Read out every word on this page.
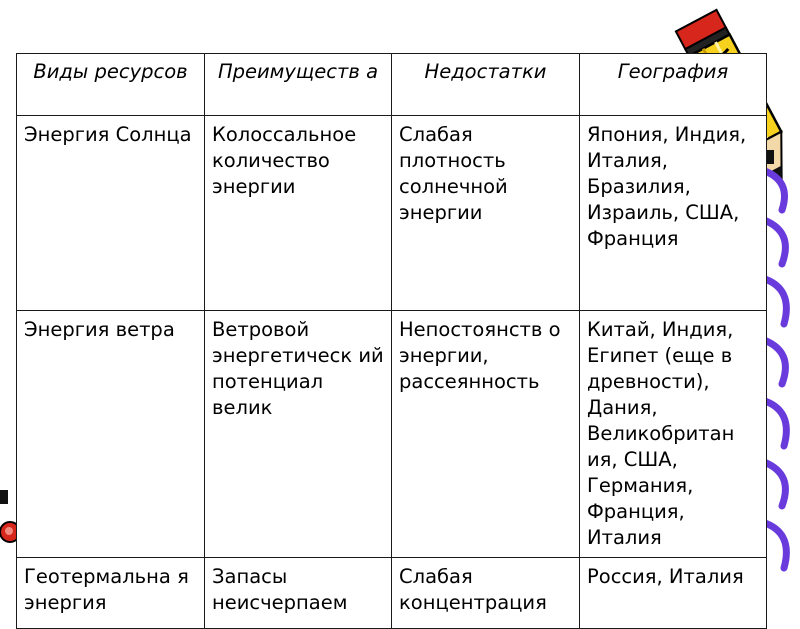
Виды ресурсов	Преимуществ а	Недостатки	География
Энергия Солнца	Колоссальное количество энергии	Слабая плотность солнечной энергии	Япония, Индия, Италия, Бразилия, Израиль, США, Франция
Энергия ветра	Ветровой энергетическ ий потенциал велик	Непостоянств о энергии, рассеянность	Китай, Индия, Египет (еще в древности), Дания, Великобритан ия, США, Германия, Франция, Италия
Геотермальна я энергия	Запасы неисчерпаем	Слабая концентрация	Россия, Италия
